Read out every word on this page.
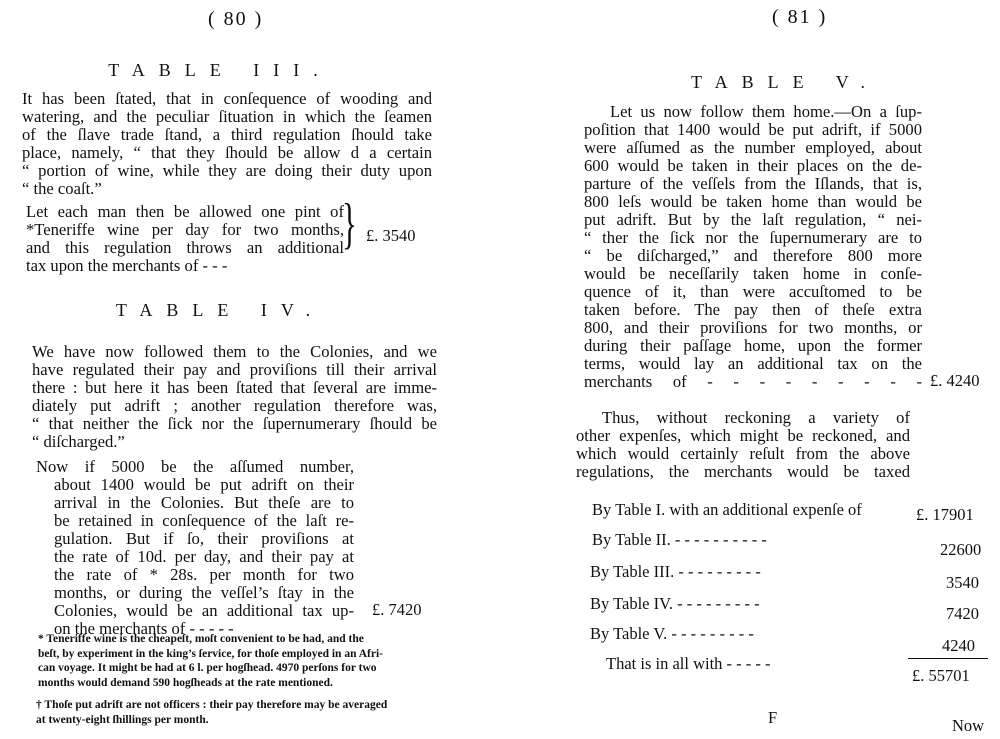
( 80 )
TABLE III.
It has been ſtated, that in conſequence of wooding and
watering, and the peculiar ſituation in which the ſeamen
of the ſlave trade ſtand, a third regulation ſhould take
place, namely, “ that they ſhould be allow d a certain
“ portion of wine, while they are doing their duty upon
“ the coaſt.”
Let each man then be allowed one pint of
*Teneriffe wine per day for two months,
and this regulation throws an additional
tax upon the merchants of - - -
} £. 3540
TABLE IV.
We have now followed them to the Colonies, and we
have regulated their pay and proviſions till their arrival
there : but here it has been ſtated that ſeveral are imme-
diately put adrift ; another regulation therefore was,
“ that neither the ſick nor the ſupernumerary ſhould be
“ diſcharged.”
Now if 5000 be the aſſumed number,
about 1400 would be put adrift on their
arrival in the Colonies. But theſe are to
be retained in conſequence of the laſt re-
gulation. But if ſo, their proviſions at
the rate of 10d. per day, and their pay at
the rate of * 28s. per month for two
months, or during the veſſel’s ſtay in the
Colonies, would be an additional tax up-
on the merchants of - - - - -
£. 7420
* Teneriffe wine is the cheapeſt, moſt convenient to be had, and the
beſt, by experiment in the king’s ſervice, for thoſe employed in an Afri-
can voyage. It might be had at 6 l. per hogſhead. 4970 perſons for two
months would demand 590 hogſheads at the rate mentioned.
† Thoſe put adrift are not officers : their pay therefore may be averaged
at twenty-eight ſhillings per month.
( 81 )
TABLE V.
Let us now follow them home.—On a ſup-
poſition that 1400 would be put adrift, if 5000
were aſſumed as the number employed, about
600 would be taken in their places on the de-
parture of the veſſels from the Iſlands, that is,
800 leſs would be taken home than would be
put adrift. But by the laſt regulation, “ nei-
“ ther the ſick nor the ſupernumerary are to
“ be diſcharged,” and therefore 800 more
would be neceſſarily taken home in conſe-
quence of it, than were accuſtomed to be
taken before. The pay then of theſe extra
800, and their proviſions for two months, or
during their paſſage home, upon the former
terms, would lay an additional tax on the
merchants of - - - - - - - - - £. 4240
Thus, without reckoning a variety of
other expenſes, which might be reckoned, and
which would certainly reſult from the above
regulations, the merchants would be taxed
By Table I. with an additional expenſe of	£. 17901
By Table II. - - - - - - - - - -
22600
By Table III. - - - - - - - - -
3540
By Table IV. - - - - - - - - -
7420
By Table V. - - - - - - - - -
4240
That is in all with - - - - -
£. 55701
F	Now
